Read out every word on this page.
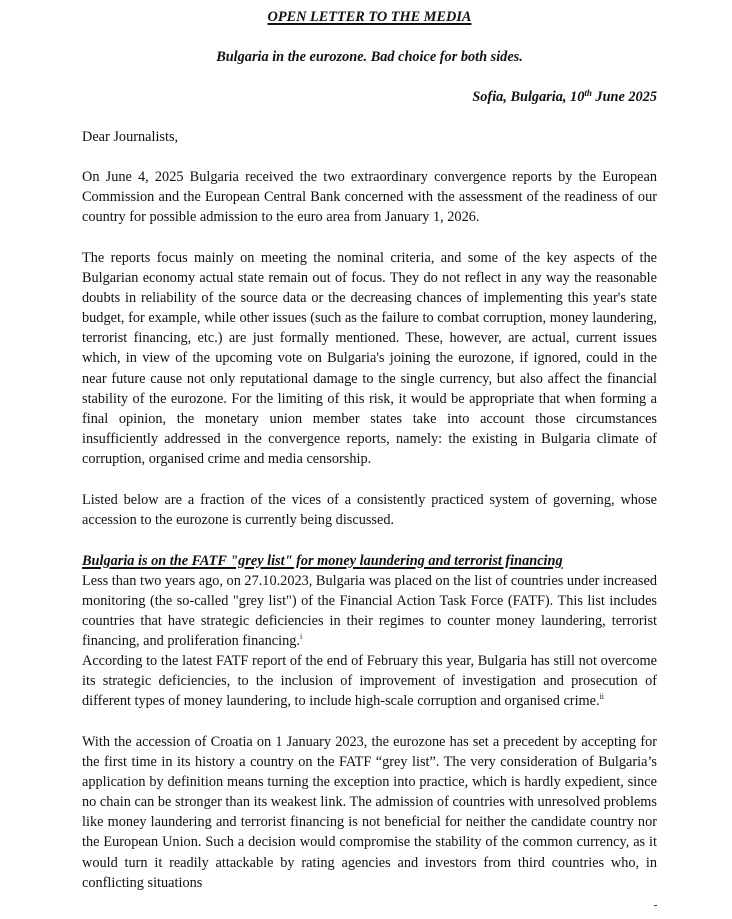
OPEN LETTER TO THE MEDIA
Bulgaria in the eurozone. Bad choice for both sides.
Sofia, Bulgaria, 10th June 2025
Dear Journalists,
On June 4, 2025 Bulgaria received the two extraordinary convergence reports by the European Commission and the European Central Bank concerned with the assessment of the readiness of our country for possible admission to the euro area from January 1, 2026.
The reports focus mainly on meeting the nominal criteria, and some of the key aspects of the Bulgarian economy actual state remain out of focus. They do not reflect in any way the reasonable doubts in reliability of the source data or the decreasing chances of implementing this year's state budget, for example, while other issues (such as the failure to combat corruption, money laundering, terrorist financing, etc.) are just formally mentioned. These, however, are actual, current issues which, in view of the upcoming vote on Bulgaria's joining the eurozone, if ignored, could in the near future cause not only reputational damage to the single currency, but also affect the financial stability of the eurozone. For the limiting of this risk, it would be appropriate that when forming a final opinion, the monetary union member states take into account those circumstances insufficiently addressed in the convergence reports, namely: the existing in Bulgaria climate of corruption, organised crime and media censorship.
Listed below are a fraction of the vices of a consistently practiced system of governing, whose accession to the eurozone is currently being discussed.
Bulgaria is on the FATF "grey list" for money laundering and terrorist financing
Less than two years ago, on 27.10.2023, Bulgaria was placed on the list of countries under increased monitoring (the so-called "grey list") of the Financial Action Task Force (FATF). This list includes countries that have strategic deficiencies in their regimes to counter money laundering, terrorist financing, and proliferation financing.$^i$
According to the latest FATF report of the end of February this year, Bulgaria has still not overcome its strategic deficiencies, to the inclusion of improvement of investigation and prosecution of different types of money laundering, to include high-scale corruption and organised crime.$^{ii}$
With the accession of Croatia on 1 January 2023, the eurozone has set a precedent by accepting for the first time in its history a country on the FATF “grey list”. The very consideration of Bulgaria’s application by definition means turning the exception into practice, which is hardly expedient, since no chain can be stronger than its weakest link. The admission of countries with unresolved problems like money laundering and terrorist financing is not beneficial for neither the candidate country nor the European Union. Such a decision would compromise the stability of the common currency, as it would turn it readily attackable by rating agencies and investors from third countries who, in conflicting situations
